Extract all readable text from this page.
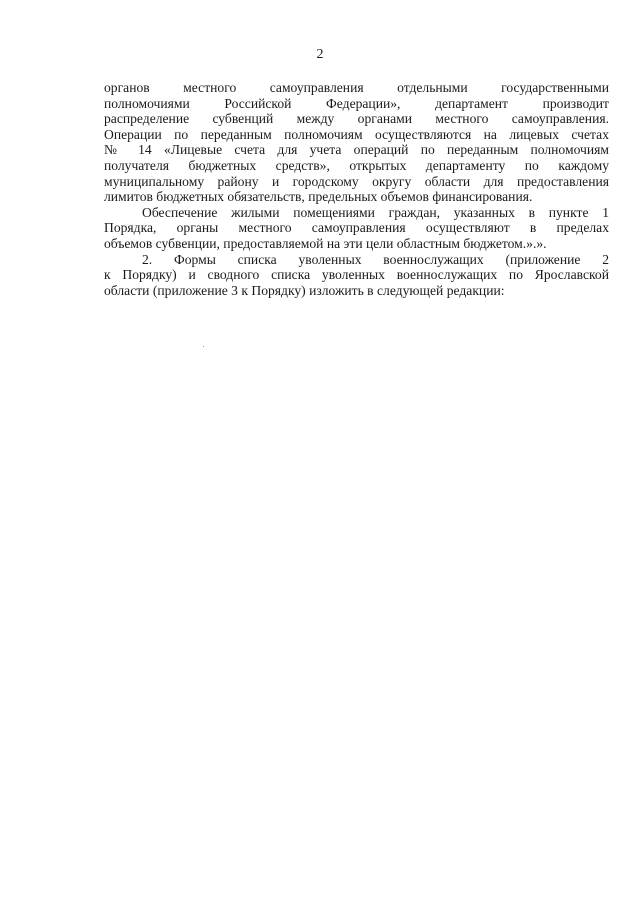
2
органов местного самоуправления отдельными государственными
полномочиями Российской Федерации», департамент производит
распределение субвенций между органами местного самоуправления.
Операции по переданным полномочиям осуществляются на лицевых счетах
№ 14 «Лицевые счета для учета операций по переданным полномочиям
получателя бюджетных средств», открытых департаменту по каждому
муниципальному району и городскому округу области для предоставления
лимитов бюджетных обязательств, предельных объемов финансирования.
Обеспечение жилыми помещениями граждан, указанных в пункте 1
Порядка, органы местного самоуправления осуществляют в пределах
объемов субвенции, предоставляемой на эти цели областным бюджетом.».».
2. Формы списка уволенных военнослужащих (приложение 2
к Порядку) и сводного списка уволенных военнослужащих по Ярославской
области (приложение 3 к Порядку) изложить в следующей редакции:
